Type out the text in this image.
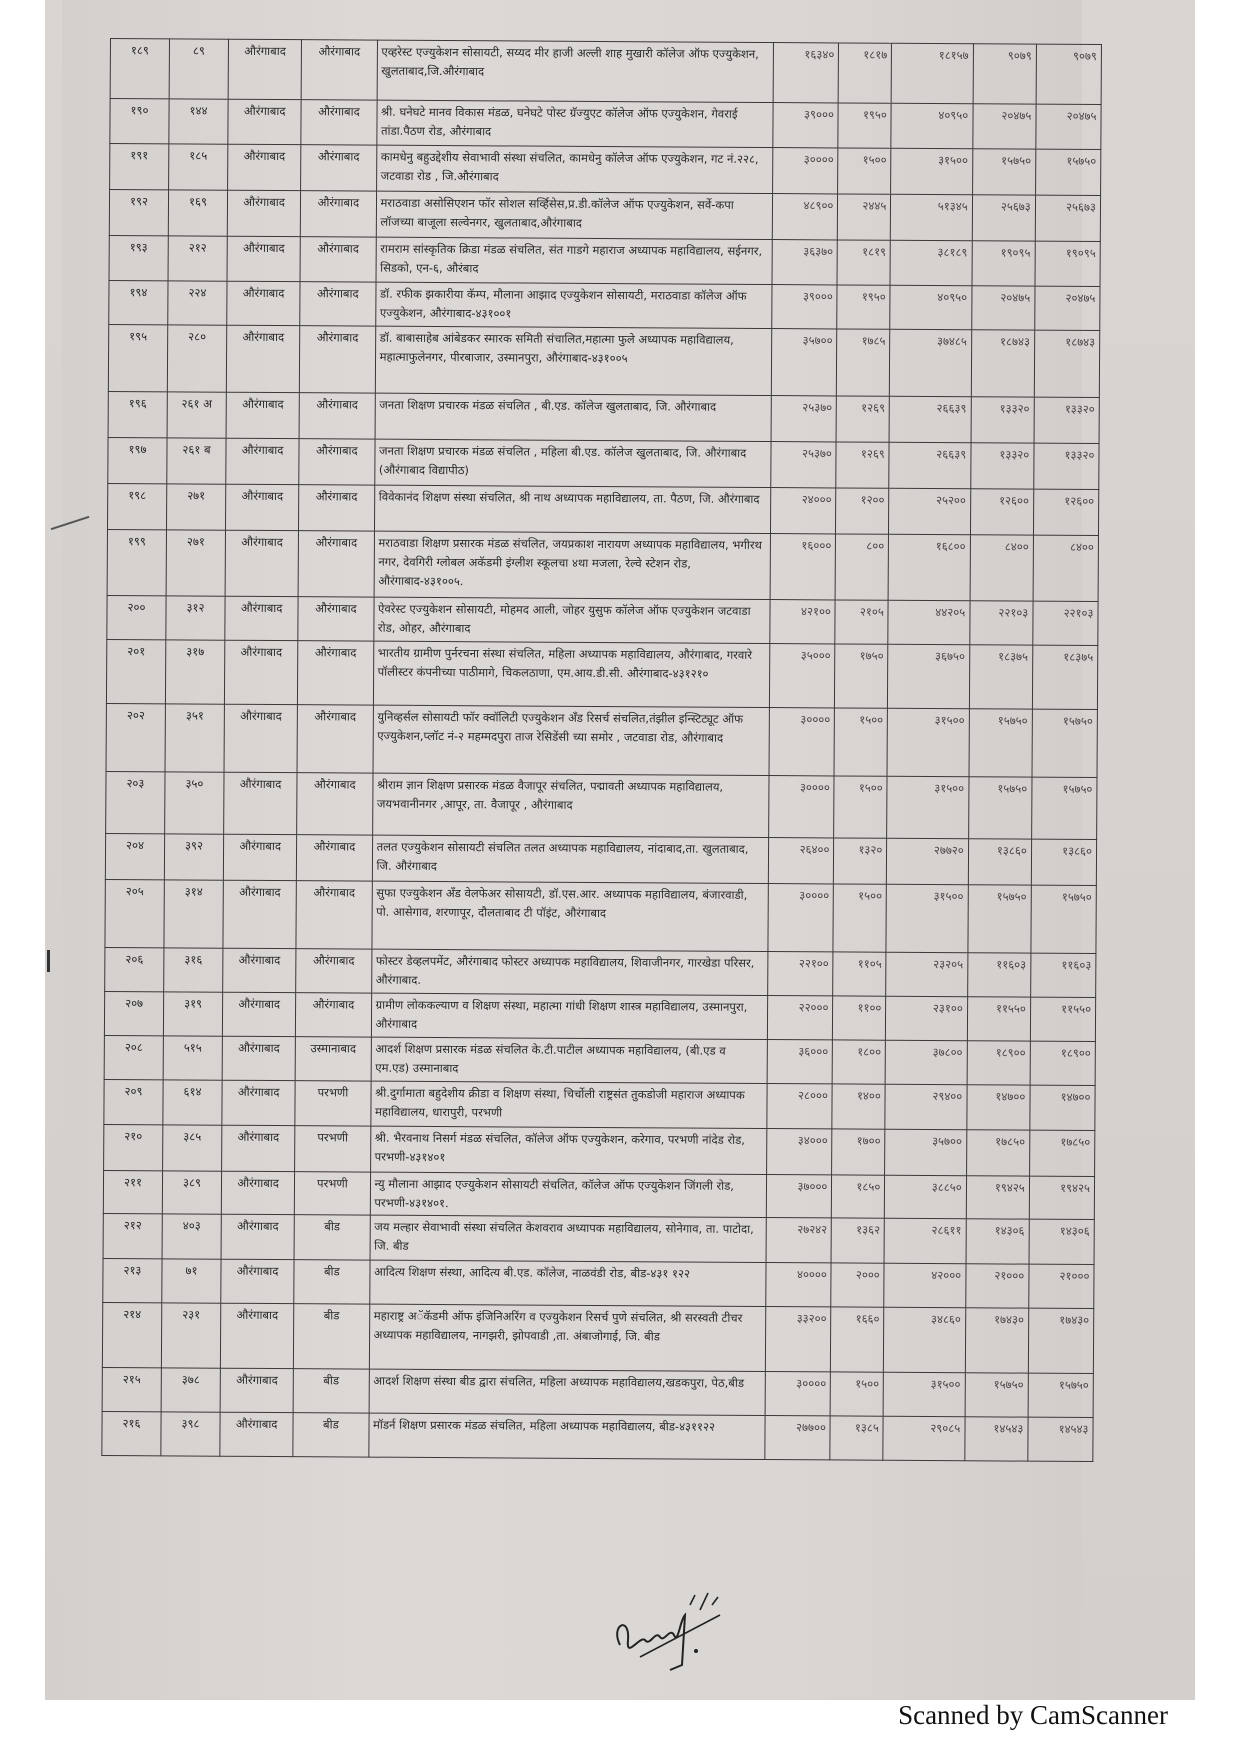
१८९	८९	औरंगाबाद	औरंगाबाद	एव्हरेस्ट एज्युकेशन सोसायटी, सय्यद मीर हाजी अल्ली शाह मुखारी कॉलेज ऑफ एज्युकेशन, खुलताबाद,जि.औरंगाबाद	१६३४०	१८१७	१८१५७	९०७९	९०७९
१९०	१४४	औरंगाबाद	औरंगाबाद	श्री. घनेघटे मानव विकास मंडळ, घनेघटे पोस्ट ग्रॅज्युएट कॉलेज ऑफ एज्युकेशन, गेवराई तांडा.पैठण रोड, औरंगाबाद	३९०००	१९५०	४०९५०	२०४७५	२०४७५
१९१	१८५	औरंगाबाद	औरंगाबाद	कामधेनु बहुउद्देशीय सेवाभावी संस्था संचलित, कामधेनु कॉलेज ऑफ एज्युकेशन, गट नं.२२८, जटवाडा रोड , जि.औरंगाबाद	३००००	१५००	३१५००	१५७५०	१५७५०
१९२	१६९	औरंगाबाद	औरंगाबाद	मराठवाडा असोसिएशन फॉर सोशल सर्व्हिसेस,प्र.डी.कॉलेज ऑफ एज्युकेशन, सर्वे-कपा लॉजच्या बाजूला सल्वेनगर, खुलताबाद,औरंगाबाद	४८९००	२४४५	५१३४५	२५६७३	२५६७३
१९३	२१२	औरंगाबाद	औरंगाबाद	रामराम सांस्कृतिक क्रिडा मंडळ संचलित, संत गाडगे महाराज अध्यापक महाविद्यालय, सईनगर, सिडको, एन-६, औरंबाद	३६३७०	१८१९	३८१८९	१९०९५	१९०९५
१९४	२२४	औरंगाबाद	औरंगाबाद	डॉ. रफीक झकारीया कॅम्प, मौलाना आझाद एज्युकेशन सोसायटी, मराठवाडा कॉलेज ऑफ एज्युकेशन, औरंगाबाद-४३१००१	३९०००	१९५०	४०९५०	२०४७५	२०४७५
१९५	२८०	औरंगाबाद	औरंगाबाद	डॉ. बाबासाहेब आंबेडकर स्मारक समिती संचालित,महात्मा फुले अध्यापक महाविद्यालय, महात्माफुलेनगर, पीरबाजार, उस्मानपुरा, औरंगाबाद-४३१००५	३५७००	१७८५	३७४८५	१८७४३	१८७४३
१९६	२६१ अ	औरंगाबाद	औरंगाबाद	जनता शिक्षण प्रचारक मंडळ संचलित , बी.एड. कॉलेज खुलताबाद, जि. औरंगाबाद	२५३७०	१२६९	२६६३९	१३३२०	१३३२०
१९७	२६१ ब	औरंगाबाद	औरंगाबाद	जनता शिक्षण प्रचारक मंडळ संचलित , महिला बी.एड. कॉलेज खुलताबाद, जि. औरंगाबाद (औरंगाबाद विद्यापीठ)	२५३७०	१२६९	२६६३९	१३३२०	१३३२०
१९८	२७१	औरंगाबाद	औरंगाबाद	विवेकानंद शिक्षण संस्था संचलित, श्री नाथ अध्यापक महाविद्यालय, ता. पैठण, जि. औरंगाबाद	२४०००	१२००	२५२००	१२६००	१२६००
१९९	२७१	औरंगाबाद	औरंगाबाद	मराठवाडा शिक्षण प्रसारक मंडळ संचलित, जयप्रकाश नारायण अध्यापक महाविद्यालय, भगीरथ नगर, देवगिरी ग्लोबल अकॅडमी इंग्लीश स्कूलचा ४था मजला, रेल्वे स्टेशन रोड, औरंगाबाद-४३१००५.	१६०००	८००	१६८००	८४००	८४००
२००	३१२	औरंगाबाद	औरंगाबाद	ऐवरेस्ट एज्युकेशन सोसायटी, मोहमद आली, जोहर युसुफ कॉलेज ऑफ एज्युकेशन जटवाडा रोड, ओहर, औरंगाबाद	४२१००	२१०५	४४२०५	२२१०३	२२१०३
२०१	३१७	औरंगाबाद	औरंगाबाद	भारतीय ग्रामीण पुर्नरचना संस्था संचलित, महिला अध्यापक महाविद्यालय, औरंगाबाद, गरवारे पॉलीस्टर कंपनीच्या पाठीमागे, चिकलठाणा, एम.आय.डी.सी. औरंगाबाद-४३१२१०	३५०००	१७५०	३६७५०	१८३७५	१८३७५
२०२	३५१	औरंगाबाद	औरंगाबाद	युनिव्हर्सल सोसायटी फॉर क्वॉलिटी एज्युकेशन अँड रिसर्च संचलित,तंझील इन्स्टिट्यूट ऑफ एज्युकेशन,प्लॉट नं-२ महम्मदपुरा ताज रेसिडेंसी च्या समोर , जटवाडा रोड, औरंगाबाद	३००००	१५००	३१५००	१५७५०	१५७५०
२०३	३५०	औरंगाबाद	औरंगाबाद	श्रीराम ज्ञान शिक्षण प्रसारक मंडळ वैजापूर संचलित, पद्मावती अध्यापक महाविद्यालय, जयभवानीनगर ,आपूर, ता. वैजापूर , औरंगाबाद	३००००	१५००	३१५००	१५७५०	१५७५०
२०४	३९२	औरंगाबाद	औरंगाबाद	तलत एज्युकेशन सोसायटी संचलित तलत अध्यापक महाविद्यालय, नांदाबाद,ता. खुलताबाद, जि. औरंगाबाद	२६४००	१३२०	२७७२०	१३८६०	१३८६०
२०५	३१४	औरंगाबाद	औरंगाबाद	सुफा एज्युकेशन अँड वेलफेअर सोसायटी, डॉ.एस.आर. अध्यापक महाविद्यालय, बंजारवाडी, पो. आसेगाव, शरणापूर, दौलताबाद टी पॉइंट, औरंगाबाद	३००००	१५००	३१५००	१५७५०	१५७५०
२०६	३१६	औरंगाबाद	औरंगाबाद	फोस्टर डेव्हलपमेंट, औरंगाबाद फोस्टर अध्यापक महाविद्यालय, शिवाजीनगर, गारखेडा परिसर, औरंगाबाद.	२२१००	११०५	२३२०५	११६०३	११६०३
२०७	३१९	औरंगाबाद	औरंगाबाद	ग्रामीण लोककल्याण व शिक्षण संस्था, महात्मा गांधी शिक्षण शास्त्र महाविद्यालय, उस्मानपुरा, औरंगाबाद	२२०००	११००	२३१००	११५५०	११५५०
२०८	५१५	औरंगाबाद	उस्मानाबाद	आदर्श शिक्षण प्रसारक मंडळ संचलित के.टी.पाटील अध्यापक महाविद्यालय, (बी.एड व एम.एड) उस्मानाबाद	३६०००	१८००	३७८००	१८९००	१८९००
२०९	६१४	औरंगाबाद	परभणी	श्री.दुर्गामाता बहुदेशीय क्रीडा व शिक्षण संस्था, चिर्चोली राष्ट्रसंत तुकडोजी महाराज अध्यापक महाविद्यालय, धारापुरी, परभणी	२८०००	१४००	२९४००	१४७००	१४७००
२१०	३८५	औरंगाबाद	परभणी	श्री. भैरवनाथ निसर्ग मंडळ संचलित, कॉलेज ऑफ एज्युकेशन, करेगाव, परभणी नांदेड रोड, परभणी-४३१४०१	३४०००	१७००	३५७००	१७८५०	१७८५०
२११	३८९	औरंगाबाद	परभणी	न्यु मौलाना आझाद एज्युकेशन सोसायटी संचलित, कॉलेज ऑफ एज्युकेशन जिंगली रोड, परभणी-४३१४०१.	३७०००	१८५०	३८८५०	१९४२५	१९४२५
२१२	४०३	औरंगाबाद	बीड	जय मल्हार सेवाभावी संस्था संचलित केशवराव अध्यापक महाविद्यालय, सोनेगाव, ता. पाटोदा, जि. बीड	२७२४२	१३६२	२८६११	१४३०६	१४३०६
२१३	७१	औरंगाबाद	बीड	आदित्य शिक्षण संस्था, आदित्य बी.एड. कॉलेज, नाळवंडी रोड, बीड-४३१ १२२	४००००	२०००	४२०००	२१०००	२१०००
२१४	२३१	औरंगाबाद	बीड	महाराष्ट्र अॅकॅडमी ऑफ इंजिनिअरिंग व एज्युकेशन रिसर्च पुणे संचलित, श्री सरस्वती टीचर अध्यापक महाविद्यालय, नागझरी, झोपवाडी ,ता. अंबाजोगाई, जि. बीड	३३२००	१६६०	३४८६०	१७४३०	१७४३०
२१५	३७८	औरंगाबाद	बीड	आदर्श शिक्षण संस्था बीड द्वारा संचलित, महिला अध्यापक महाविद्यालय,खडकपुरा, पेठ,बीड	३००००	१५००	३१५००	१५७५०	१५७५०
२१६	३९८	औरंगाबाद	बीड	मॉडर्न शिक्षण प्रसारक मंडळ संचलित, महिला अध्यापक महाविद्यालय, बीड-४३११२२	२७७००	१३८५	२९०८५	१४५४३	१४५४३
Scanned by CamScanner
